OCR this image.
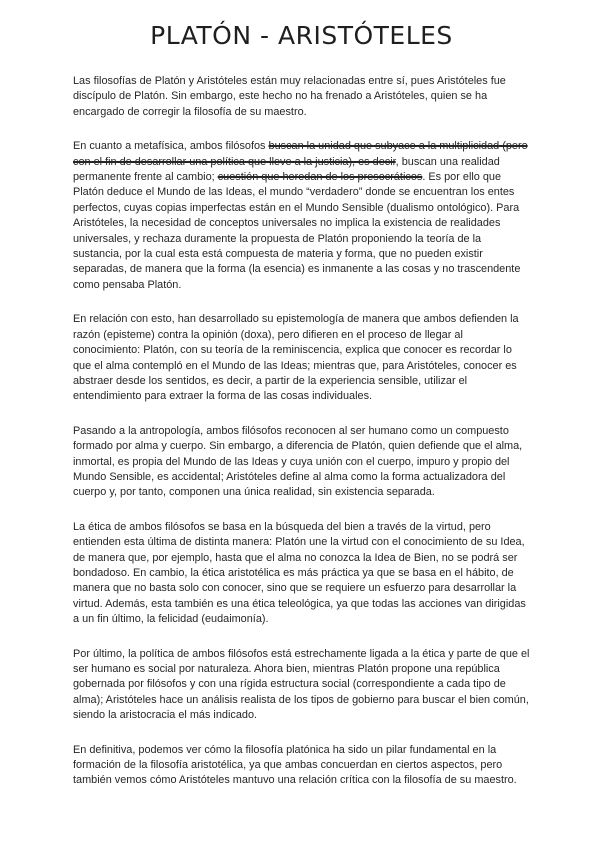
PLATÓN - ARISTÓTELES

Las filosofías de Platón y Aristóteles están muy relacionadas entre sí, pues Aristóteles fue discípulo de Platón. Sin embargo, este hecho no ha frenado a Aristóteles, quien se ha encargado de corregir la filosofía de su maestro.

En cuanto a metafísica, ambos filósofos buscan la unidad que subyace a la multiplicidad (pero con el fin de desarrollar una política que lleve a la justicia), es decir, buscan una realidad permanente frente al cambio; cuestión que heredan de los presocráticos. Es por ello que Platón deduce el Mundo de las Ideas, el mundo “verdadero” donde se encuentran los entes perfectos, cuyas copias imperfectas están en el Mundo Sensible (dualismo ontológico). Para Aristóteles, la necesidad de conceptos universales no implica la existencia de realidades universales, y rechaza duramente la propuesta de Platón proponiendo la teoría de la sustancia, por la cual esta está compuesta de materia y forma, que no pueden existir separadas, de manera que la forma (la esencia) es inmanente a las cosas y no trascendente como pensaba Platón.

En relación con esto, han desarrollado su epistemología de manera que ambos defienden la razón (episteme) contra la opinión (doxa), pero difieren en el proceso de llegar al conocimiento: Platón, con su teoría de la reminiscencia, explica que conocer es recordar lo que el alma contempló en el Mundo de las Ideas; mientras que, para Aristóteles, conocer es abstraer desde los sentidos, es decir, a partir de la experiencia sensible, utilizar el entendimiento para extraer la forma de las cosas individuales.

Pasando a la antropología, ambos filósofos reconocen al ser humano como un compuesto formado por alma y cuerpo. Sin embargo, a diferencia de Platón, quien defiende que el alma, inmortal, es propia del Mundo de las Ideas y cuya unión con el cuerpo, impuro y propio del Mundo Sensible, es accidental; Aristóteles define al alma como la forma actualizadora del cuerpo y, por tanto, componen una única realidad, sin existencia separada.

La ética de ambos filósofos se basa en la búsqueda del bien a través de la virtud, pero entienden esta última de distinta manera: Platón une la virtud con el conocimiento de su Idea, de manera que, por ejemplo, hasta que el alma no conozca la Idea de Bien, no se podrá ser bondadoso. En cambio, la ética aristotélica es más práctica ya que se basa en el hábito, de manera que no basta solo con conocer, sino que se requiere un esfuerzo para desarrollar la virtud. Además, esta también es una ética teleológica, ya que todas las acciones van dirigidas a un fin último, la felicidad (eudaimonía).

Por último, la política de ambos filósofos está estrechamente ligada a la ética y parte de que el ser humano es social por naturaleza. Ahora bien, mientras Platón propone una república gobernada por filósofos y con una rígida estructura social (correspondiente a cada tipo de alma); Aristóteles hace un análisis realista de los tipos de gobierno para buscar el bien común, siendo la aristocracia el más indicado.

En definitiva, podemos ver cómo la filosofía platónica ha sido un pilar fundamental en la formación de la filosofía aristotélica, ya que ambas concuerdan en ciertos aspectos, pero también vemos cómo Aristóteles mantuvo una relación crítica con la filosofía de su maestro.
